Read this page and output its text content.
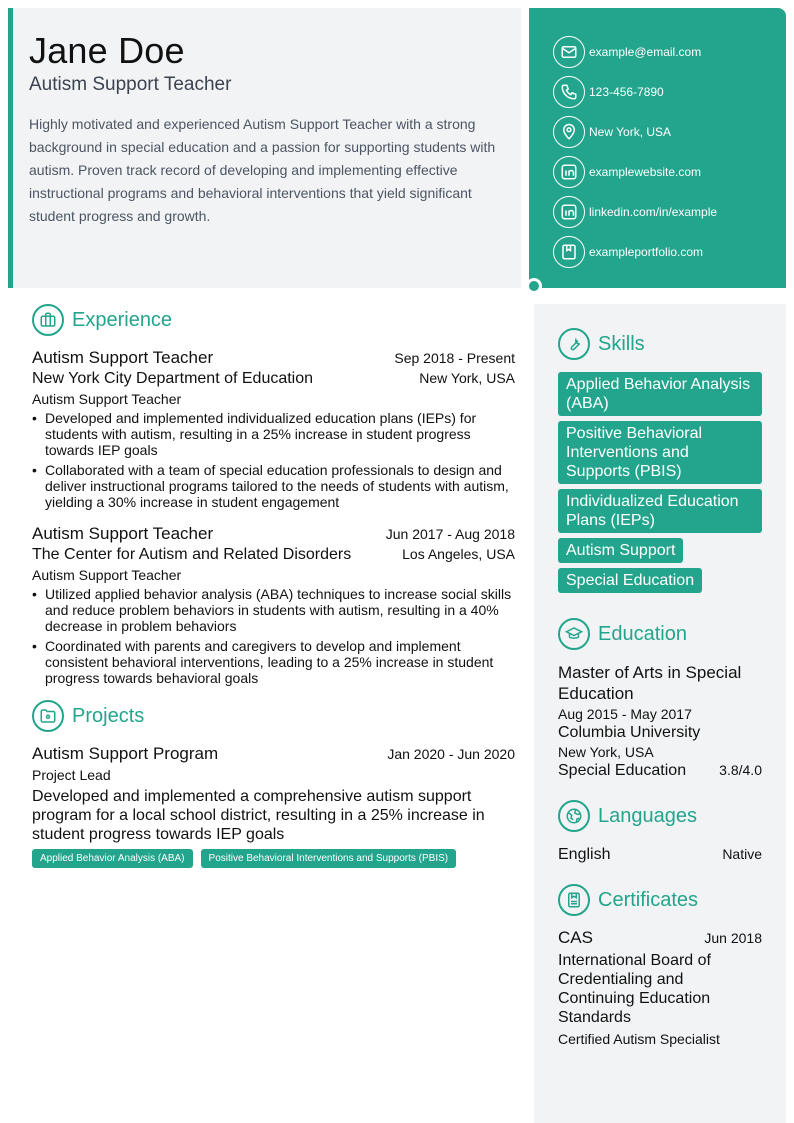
Jane Doe
Autism Support Teacher

Highly motivated and experienced Autism Support Teacher with a strong background in special education and a passion for supporting students with autism. Proven track record of developing and implementing effective instructional programs and behavioral interventions that yield significant student progress and growth.

example@email.com
123-456-7890
New York, USA
examplewebsite.com
linkedin.com/in/example
exampleportfolio.com
Experience
Autism Support Teacher	Sep 2018 - Present
New York City Department of Education	New York, USA
Autism Support Teacher
• Developed and implemented individualized education plans (IEPs) for students with autism, resulting in a 25% increase in student progress towards IEP goals
• Collaborated with a team of special education professionals to design and deliver instructional programs tailored to the needs of students with autism, yielding a 30% increase in student engagement
Autism Support Teacher	Jun 2017 - Aug 2018
The Center for Autism and Related Disorders	Los Angeles, USA
Autism Support Teacher
• Utilized applied behavior analysis (ABA) techniques to increase social skills and reduce problem behaviors in students with autism, resulting in a 40% decrease in problem behaviors
• Coordinated with parents and caregivers to develop and implement consistent behavioral interventions, leading to a 25% increase in student progress towards behavioral goals
Projects
Autism Support Program	Jan 2020 - Jun 2020
Project Lead
Developed and implemented a comprehensive autism support program for a local school district, resulting in a 25% increase in student progress towards IEP goals
Applied Behavior Analysis (ABA)	Positive Behavioral Interventions and Supports (PBIS)
Skills
Applied Behavior Analysis (ABA)
Positive Behavioral Interventions and Supports (PBIS)
Individualized Education Plans (IEPs)
Autism Support
Special Education
Education
Master of Arts in Special Education
Aug 2015 - May 2017
Columbia University
New York, USA
Special Education 3.8/4.0
Languages
English	Native
Certificates
CAS	Jun 2018
International Board of Credentialing and Continuing Education Standards
Certified Autism Specialist
